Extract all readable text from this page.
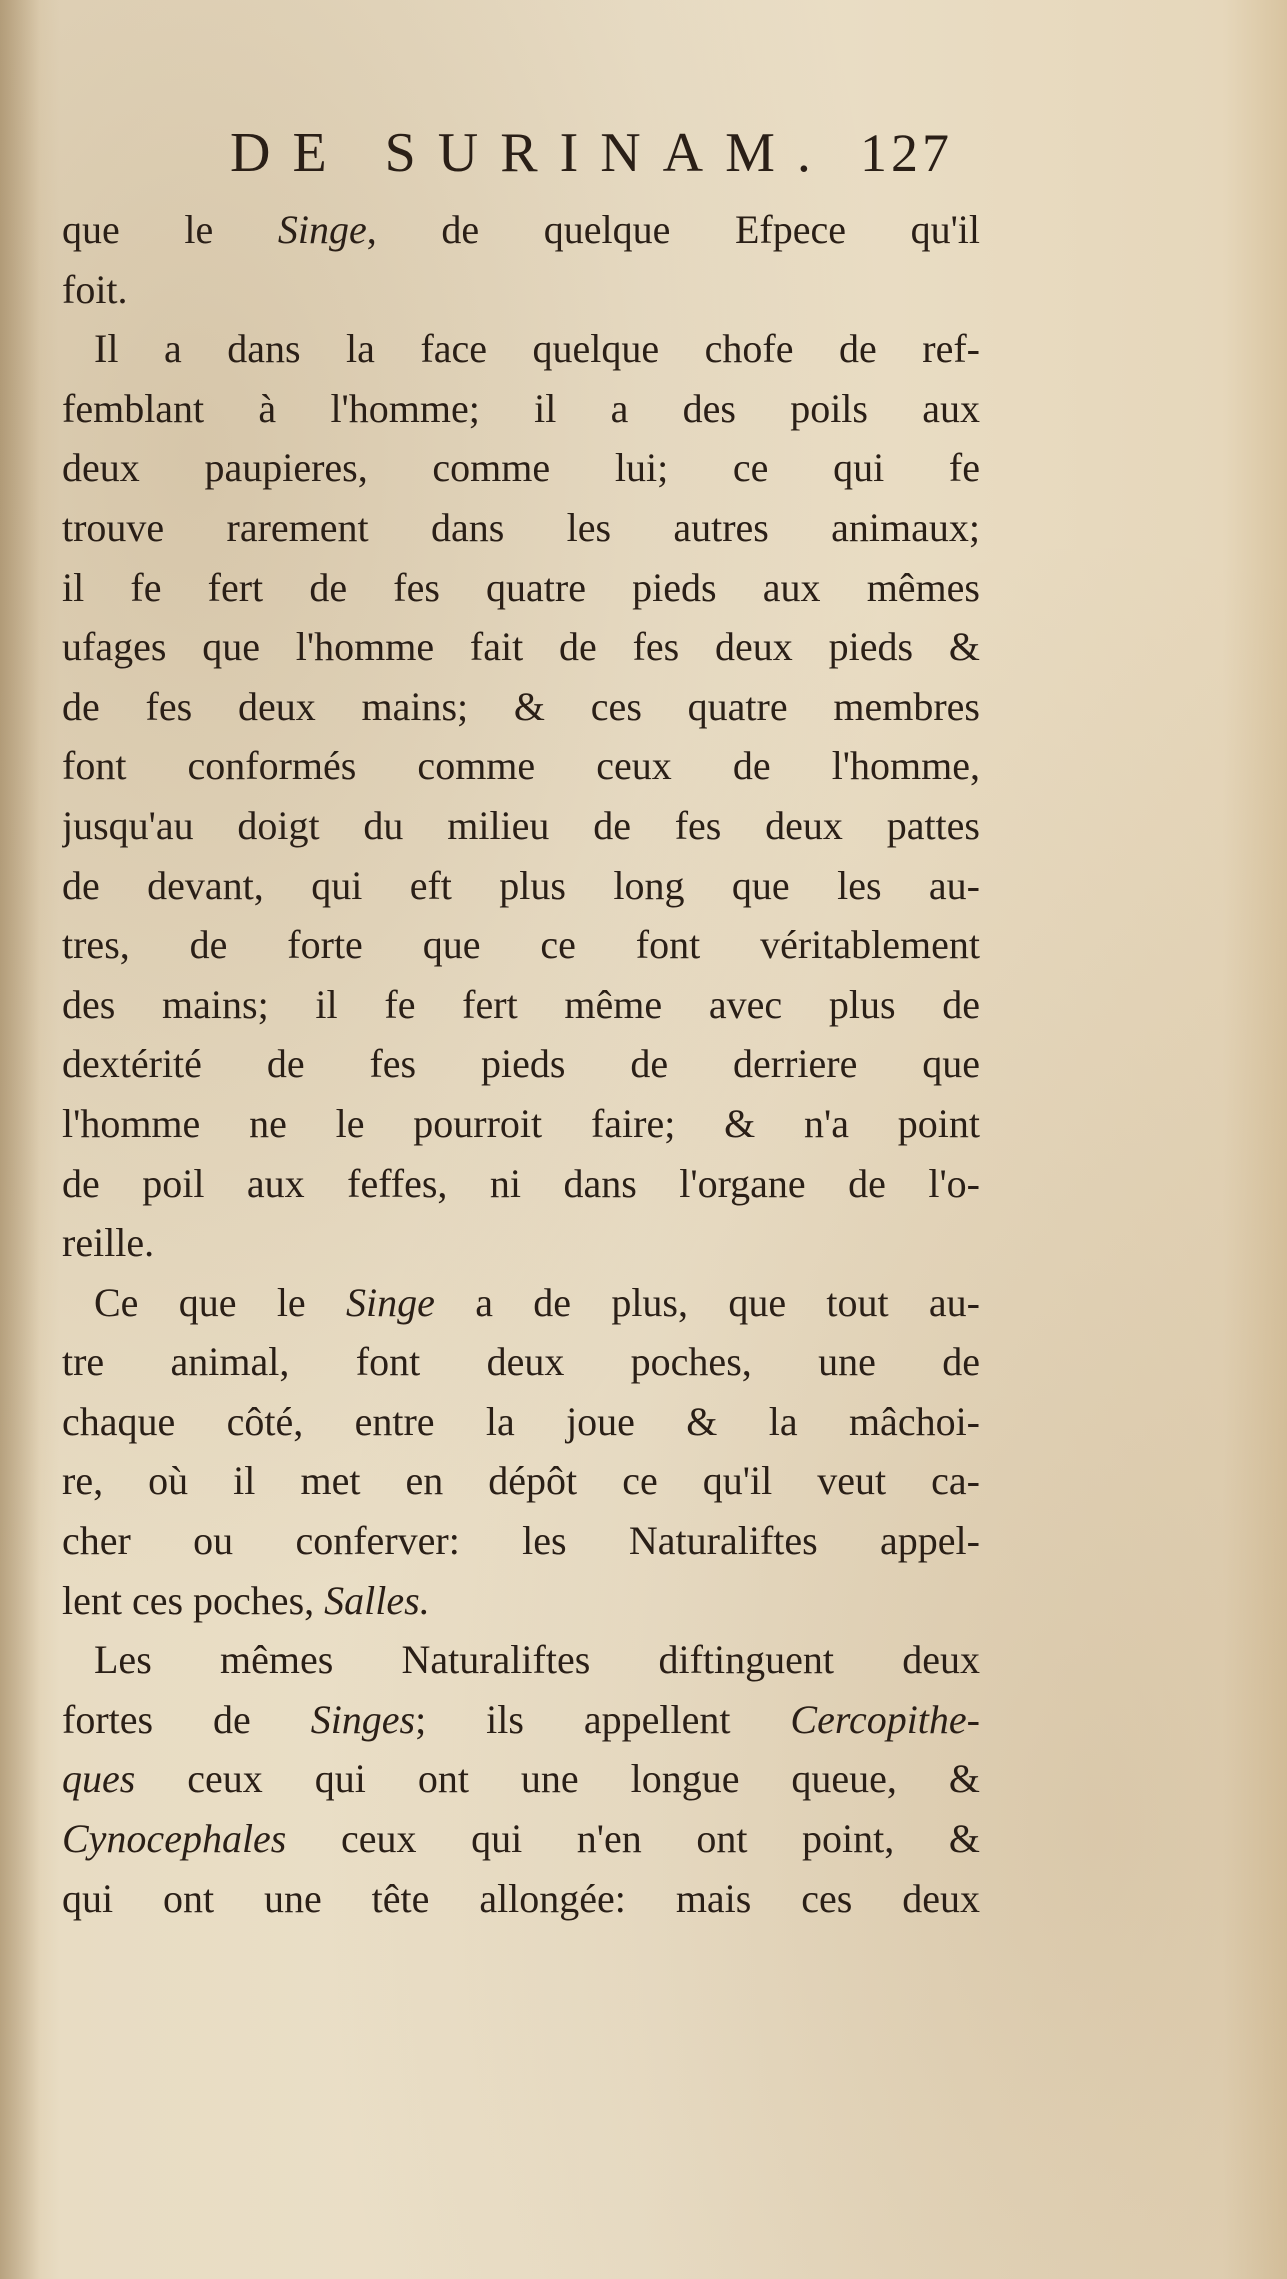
DE SURINAM. 127
que le Singe, de quelque Efpece qu'il
foit.
Il a dans la face quelque chofe de ref-
femblant à l'homme; il a des poils aux
deux paupieres, comme lui; ce qui fe
trouve rarement dans les autres animaux;
il fe fert de fes quatre pieds aux mêmes
ufages que l'homme fait de fes deux pieds &
de fes deux mains; & ces quatre membres
font conformés comme ceux de l'homme,
jusqu'au doigt du milieu de fes deux pattes
de devant, qui eft plus long que les au-
tres, de forte que ce font véritablement
des mains; il fe fert même avec plus de
dextérité de fes pieds de derriere que
l'homme ne le pourroit faire; & n'a point
de poil aux feffes, ni dans l'organe de l'o-
reille.
Ce que le Singe a de plus, que tout au-
tre animal, font deux poches, une de
chaque côté, entre la joue & la mâchoi-
re, où il met en dépôt ce qu'il veut ca-
cher ou conferver: les Naturaliftes appel-
lent ces poches, Salles.
Les mêmes Naturaliftes diftinguent deux
fortes de Singes; ils appellent Cercopithe-
ques ceux qui ont une longue queue, &
Cynocephales ceux qui n'en ont point, &
qui ont une tête allongée: mais ces deux
